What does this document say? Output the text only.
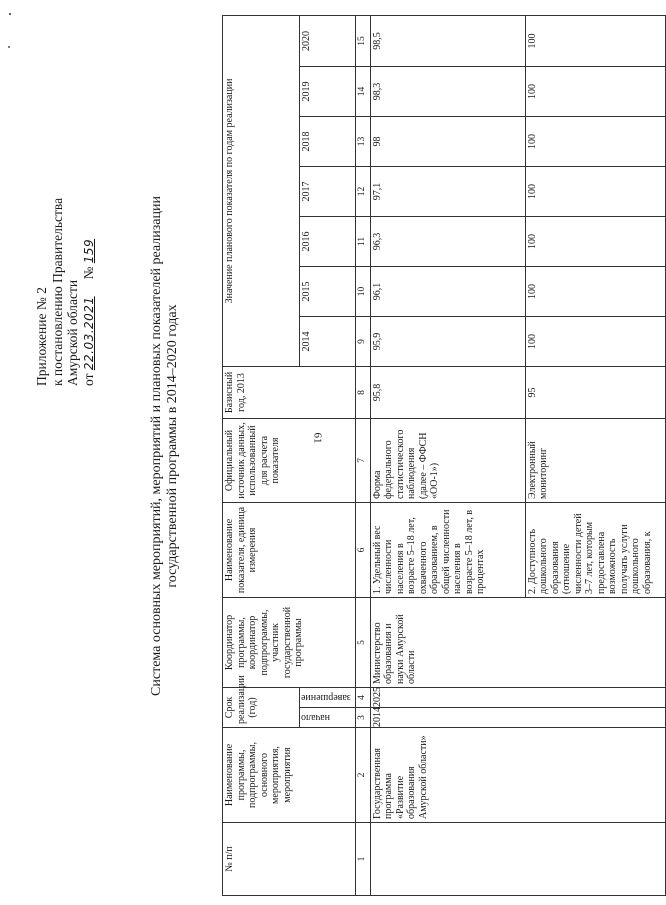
61
Приложение № 2 к постановлению Правительства Амурской области от 22.03.2021     № 159	Система основных мероприятий, мероприятий и плановых показателей реализации государственной программы в 2014–2020 годах
№ п/п	Наименование программы, подпрограммы, основного мероприятия, мероприятия	Срок реализации (год)		Координатор программы, координатор подпрограммы, участник государственной программы	Наименование показателя, единица измерения	Официальный источник данных, использованный для расчета показателя	Базисный год, 2013	Значение планового показателя по годам реализации						
		начало	завершение					2014	2015	2016	2017	2018	2019	2020
1	2	3	4	5	6	7	8	9	10	11	12	13	14	15
	Государственная программа «Развитие образования Амурской области»	2014	2025	Министерство образования и науки Амурской области	1. Удельный вес численности населения в возрасте 5–18 лет, охваченного образованием, в общей численности населения в возрасте 5–18 лет, в процентах	Форма федерального статистического наблюдения (далее – ФФСН «ОО-1»)	95,8	95,9	96,1	96,3	97,1	98	98,3	98,5
					2. Доступность дошкольного образования (отношение численности детей 3–7 лет, которым предоставлена возможность получать услуги дошкольного образования, к	Электронный мониторинг	95	100	100	100	100	100	100	100
